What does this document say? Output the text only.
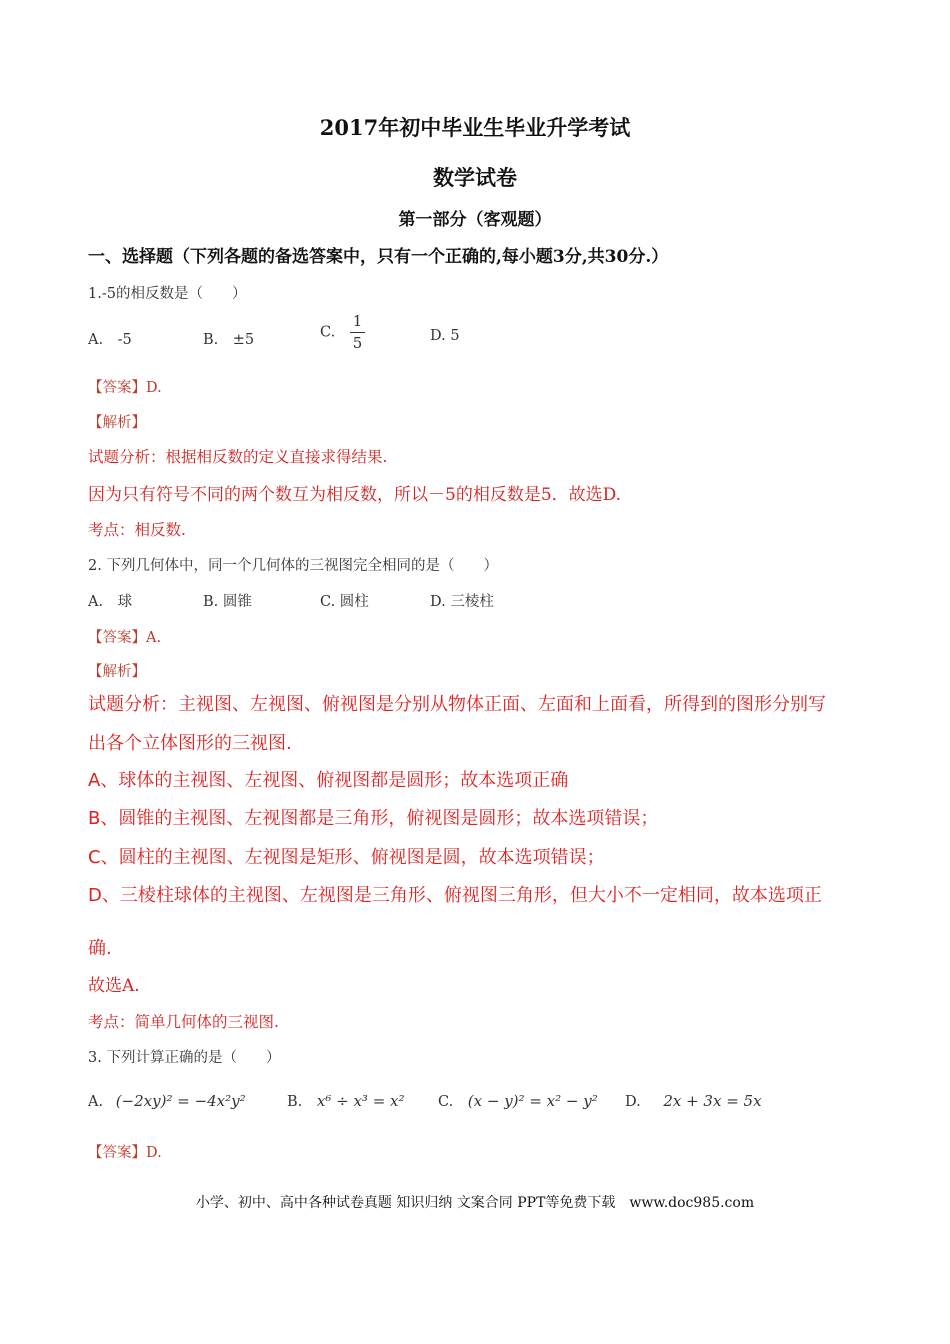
2017年初中毕业生毕业升学考试
数学试卷
第一部分（客观题）
一、选择题（下列各题的备选答案中，只有一个正确的,每小题3分,共30分.）
1.-5的相反数是（　　）
A.　-5	B.　±5	C. $\frac{1}{5}$	D. 5
【答案】D.
【解析】
试题分析：根据相反数的定义直接求得结果.
因为只有符号不同的两个数互为相反数，所以－5的相反数是5．故选D.
考点：相反数.
2. 下列几何体中，同一个几何体的三视图完全相同的是（　　）
A.　球	B. 圆锥	C. 圆柱	D. 三棱柱
【答案】A.
【解析】
试题分析：主视图、左视图、俯视图是分别从物体正面、左面和上面看，所得到的图形分别写
出各个立体图形的三视图.
A、球体的主视图、左视图、俯视图都是圆形；故本选项正确
B、圆锥的主视图、左视图都是三角形，俯视图是圆形；故本选项错误；
C、圆柱的主视图、左视图是矩形、俯视图是圆，故本选项错误；
D、三棱柱球体的主视图、左视图是三角形、俯视图三角形，但大小不一定相同，故本选项正
确.
故选A.
考点：简单几何体的三视图.
3. 下列计算正确的是（　　）
A. (−2xy)² = −4x²y²	B. x⁶ ÷ x³ = x² C. (x − y)² = x² − y² D. 2x + 3x = 5x
【答案】D.
小学、初中、高中各种试卷真题 知识归纳 文案合同 PPT等免费下载　www.doc985.com
